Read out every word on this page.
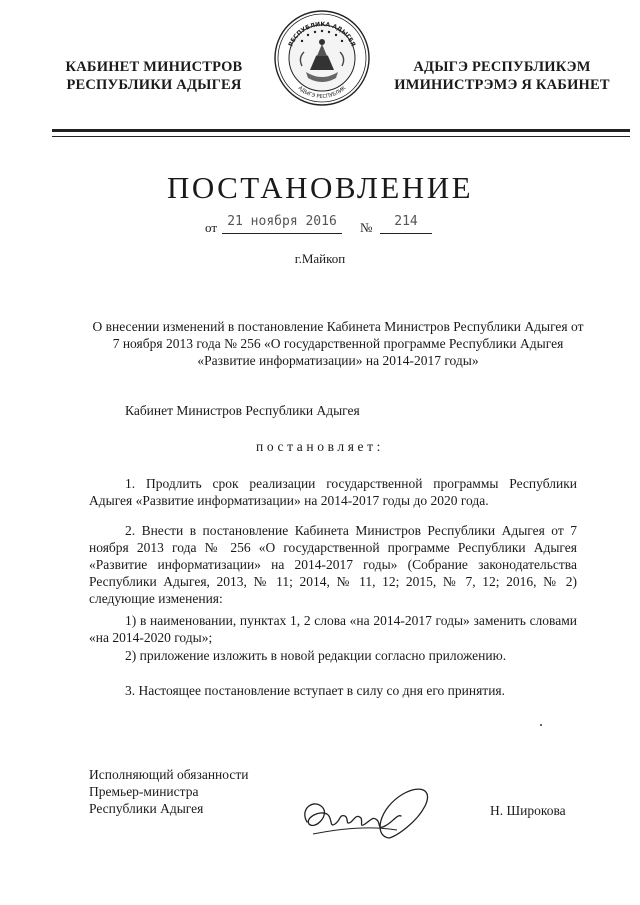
КАБИНЕТ МИНИСТРОВ
РЕСПУБЛИКИ АДЫГЕЯ
РЕСПУБЛИКА АДЫГЕЯ
АДЫГЭ РЕСПУБЛИК
АДЫГЭ РЕСПУБЛИКЭМ
ИМИНИСТРЭМЭ Я КАБИНЕТ
ПОСТАНОВЛЕНИЕ
от 21 ноября 2016	№	214
г.Майкоп
О внесении изменений в постановление Кабинета Министров Республики Адыгея от 7 ноября 2013 года № 256 «О государственной программе Республики Адыгея «Развитие информатизации» на 2014-2017 годы»
Кабинет Министров Республики Адыгея
постановляет:
1. Продлить срок реализации государственной программы Республики Адыгея «Развитие информатизации» на 2014-2017 годы до 2020 года.
2. Внести в постановление Кабинета Министров Республики Адыгея от 7 ноября 2013 года № 256 «О государственной программе Республики Адыгея «Развитие информатизации» на 2014-2017 годы» (Собрание законодательства Республики Адыгея, 2013, № 11; 2014, № 11, 12; 2015, № 7, 12; 2016, № 2) следующие изменения:
1) в наименовании, пунктах 1, 2 слова «на 2014-2017 годы» заменить словами «на 2014-2020 годы»;
2) приложение изложить в новой редакции согласно приложению.
3. Настоящее постановление вступает в силу со дня его принятия.
Исполняющий обязанности
Премьер-министра
Республики Адыгея	Н. Широкова
